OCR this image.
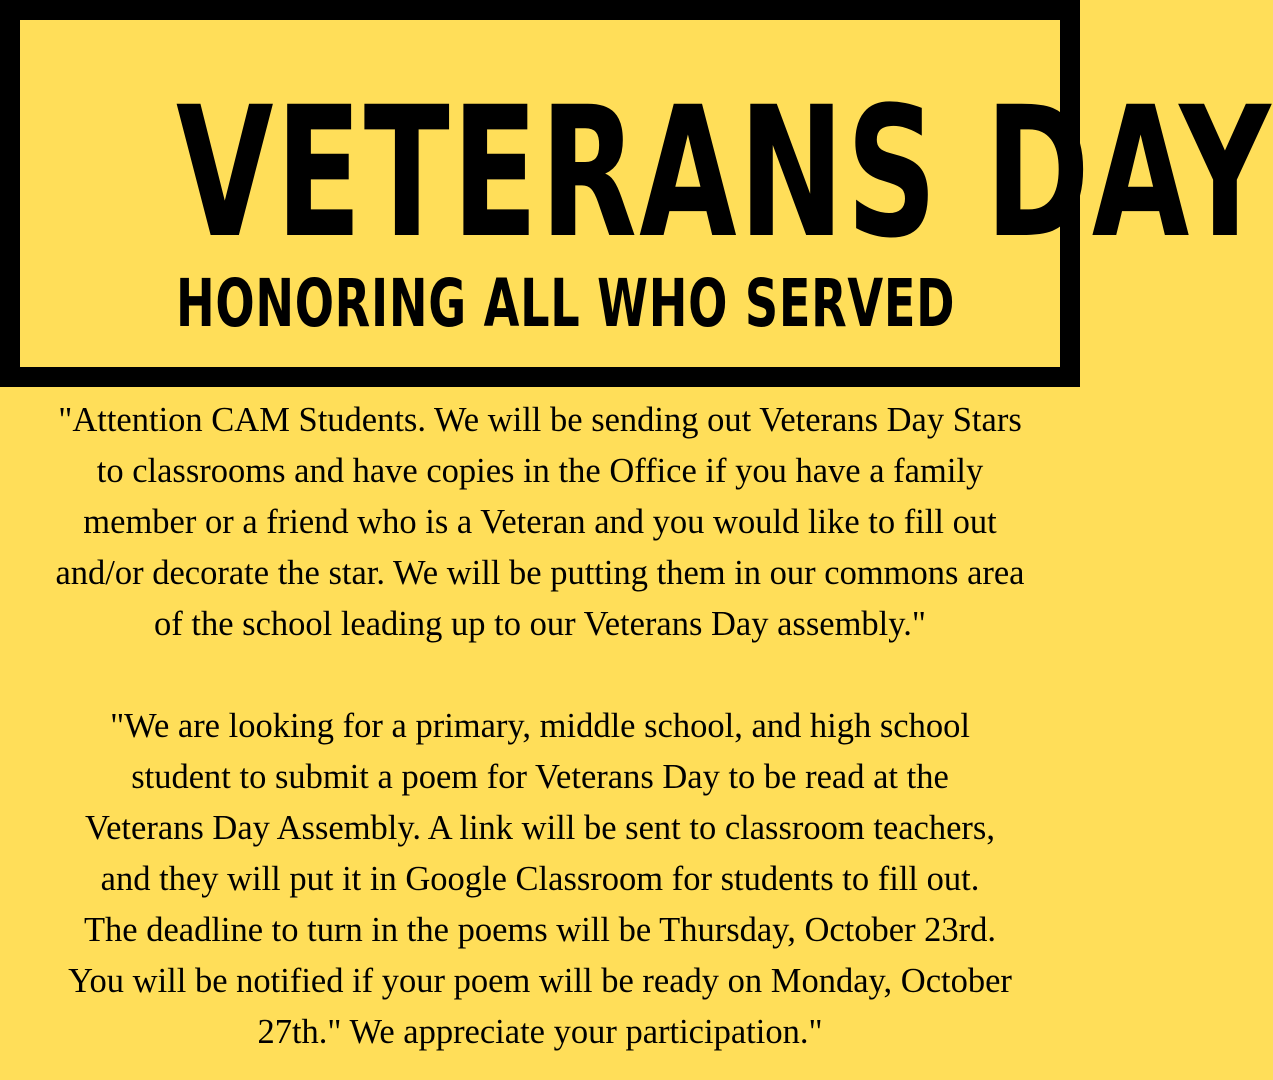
VETERANS DAY
HONORING ALL WHO SERVED

"Attention CAM Students. We will be sending out Veterans Day Stars
to classrooms and have copies in the Office if you have a family
member or a friend who is a Veteran and you would like to fill out
and/or decorate the star. We will be putting them in our commons area
of the school leading up to our Veterans Day assembly."

"We are looking for a primary, middle school, and high school
student to submit a poem for Veterans Day to be read at the
Veterans Day Assembly. A link will be sent to classroom teachers,
and they will put it in Google Classroom for students to fill out.
The deadline to turn in the poems will be Thursday, October 23rd.
You will be notified if your poem will be ready on Monday, October
27th." We appreciate your participation."
